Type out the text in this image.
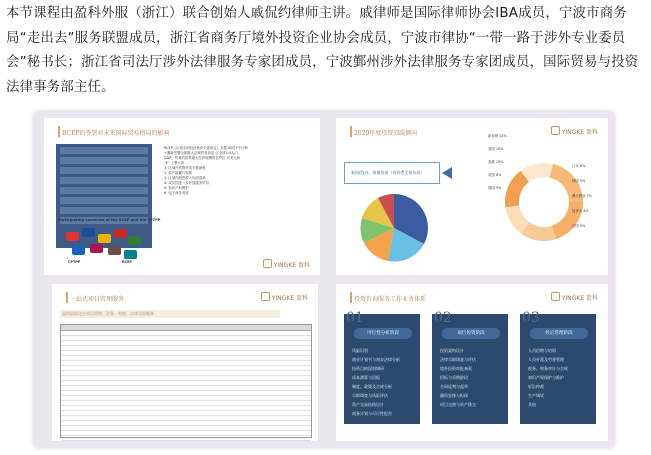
本节课程由盈科外服（浙江）联合创始人戚侃约律师主讲。戚律师是国际律师协会IBA成员，宁波市商务局“走出去”服务联盟成员，浙江省商务厅境外投资企业协会成员，宁波市律协“一带一路于涉外专业委员会”秘书长；浙江省司法厅涉外法律服务专家团成员，宁波鄞州涉外法律服务专家团成员，国际贸易与投资法律事务部主任。
RCEP的签署对未来国际贸易格局的影响
Participating countries of the RCEP and the CPTPP
CPTPP	RCEP
RCEP《区域全面经济伙伴关系协定》东盟10国+中日韩
+澳新签署全球最大区域贸易协定 占全球1/3人口、
GDP、贸易的世界最大经济规模的自贸区 对美元和
“E” 上整六条
1. 区域内货物贸易关税减免
2. 原产地累计规则
3. 区域内投资准入负面清单
4. 成员国进一步开放服务贸易
5. 知识产权保护
6. 电子商务发展
YINGKE 盈科
2020年度投资回暖倾向
新国/趋向、绿地投资（投资者全球布局）
新加坡 12%
美国 10%
香港 15%
英国 8%
德国 9%
日本 6%
韩国 5%
澳大利亚 7%
加拿大 4%
法国 5%
YINGKE 盈科
一站式项目管理服务	YINGKE 盈科
盈科国际化在项目管理：法务、财税、法律全面服务
投资咨询服务工作业务体系	YINGKE 盈科
01
可行性分析阶段
风险识别
商业计划书与初步法律分析
投资目的国别调研
成本测算与回报
制度、政策及合规分析
尽职调查与风险评估
资产交易结构设计
商务计划与可行性报告
02
项目投资阶段
投资架构设计
法律尽职调查与评估
境外投资审批备案
招标与采购阶段
合同谈判与起草
融资安排与担保
项目交割与资产移交
03
投后管理阶段
人员招聘与培训
人员外派及劳务管理
税务、财务审计与合规
知识产权保护与维护
诉讼仲裁
生产调试
其他
